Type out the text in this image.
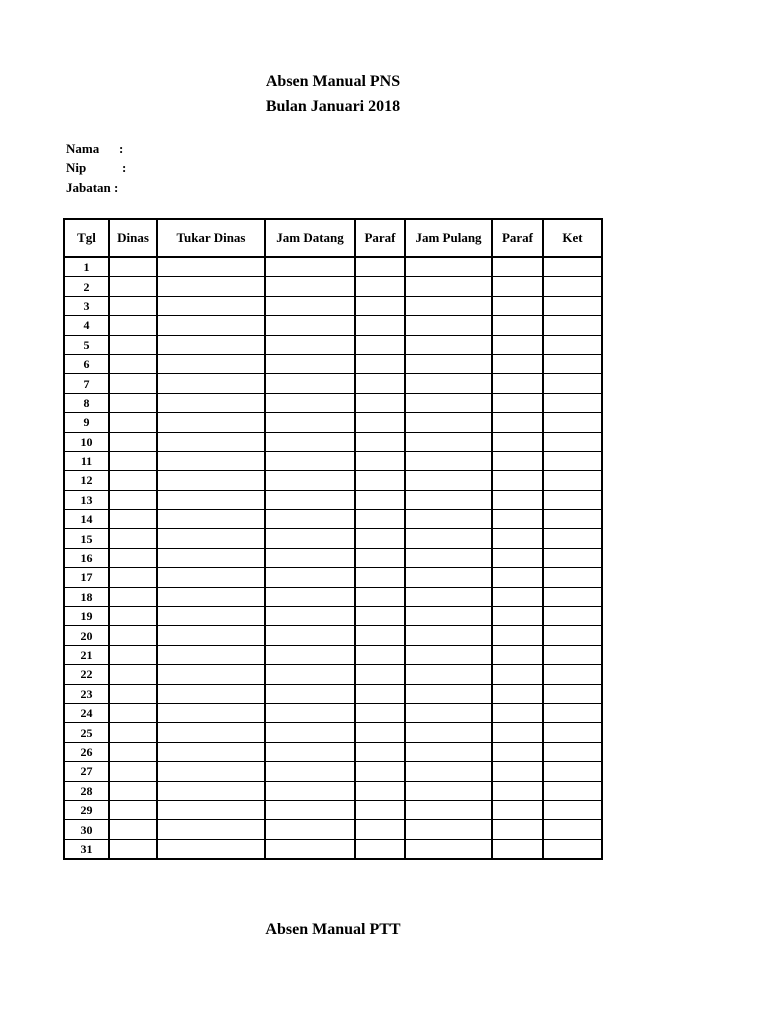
Absen Manual PNS
Bulan Januari 2018
Nama :
Nip	:
Jabatan :
Tgl	Dinas	Tukar Dinas	Jam Datang	Paraf	Jam Pulang	Paraf	Ket
1							
2							
3							
4							
5							
6							
7							
8							
9							
10							
11							
12							
13							
14							
15							
16							
17							
18							
19							
20							
21							
22							
23							
24							
25							
26							
27							
28							
29							
30							
31							
Absen Manual PTT
